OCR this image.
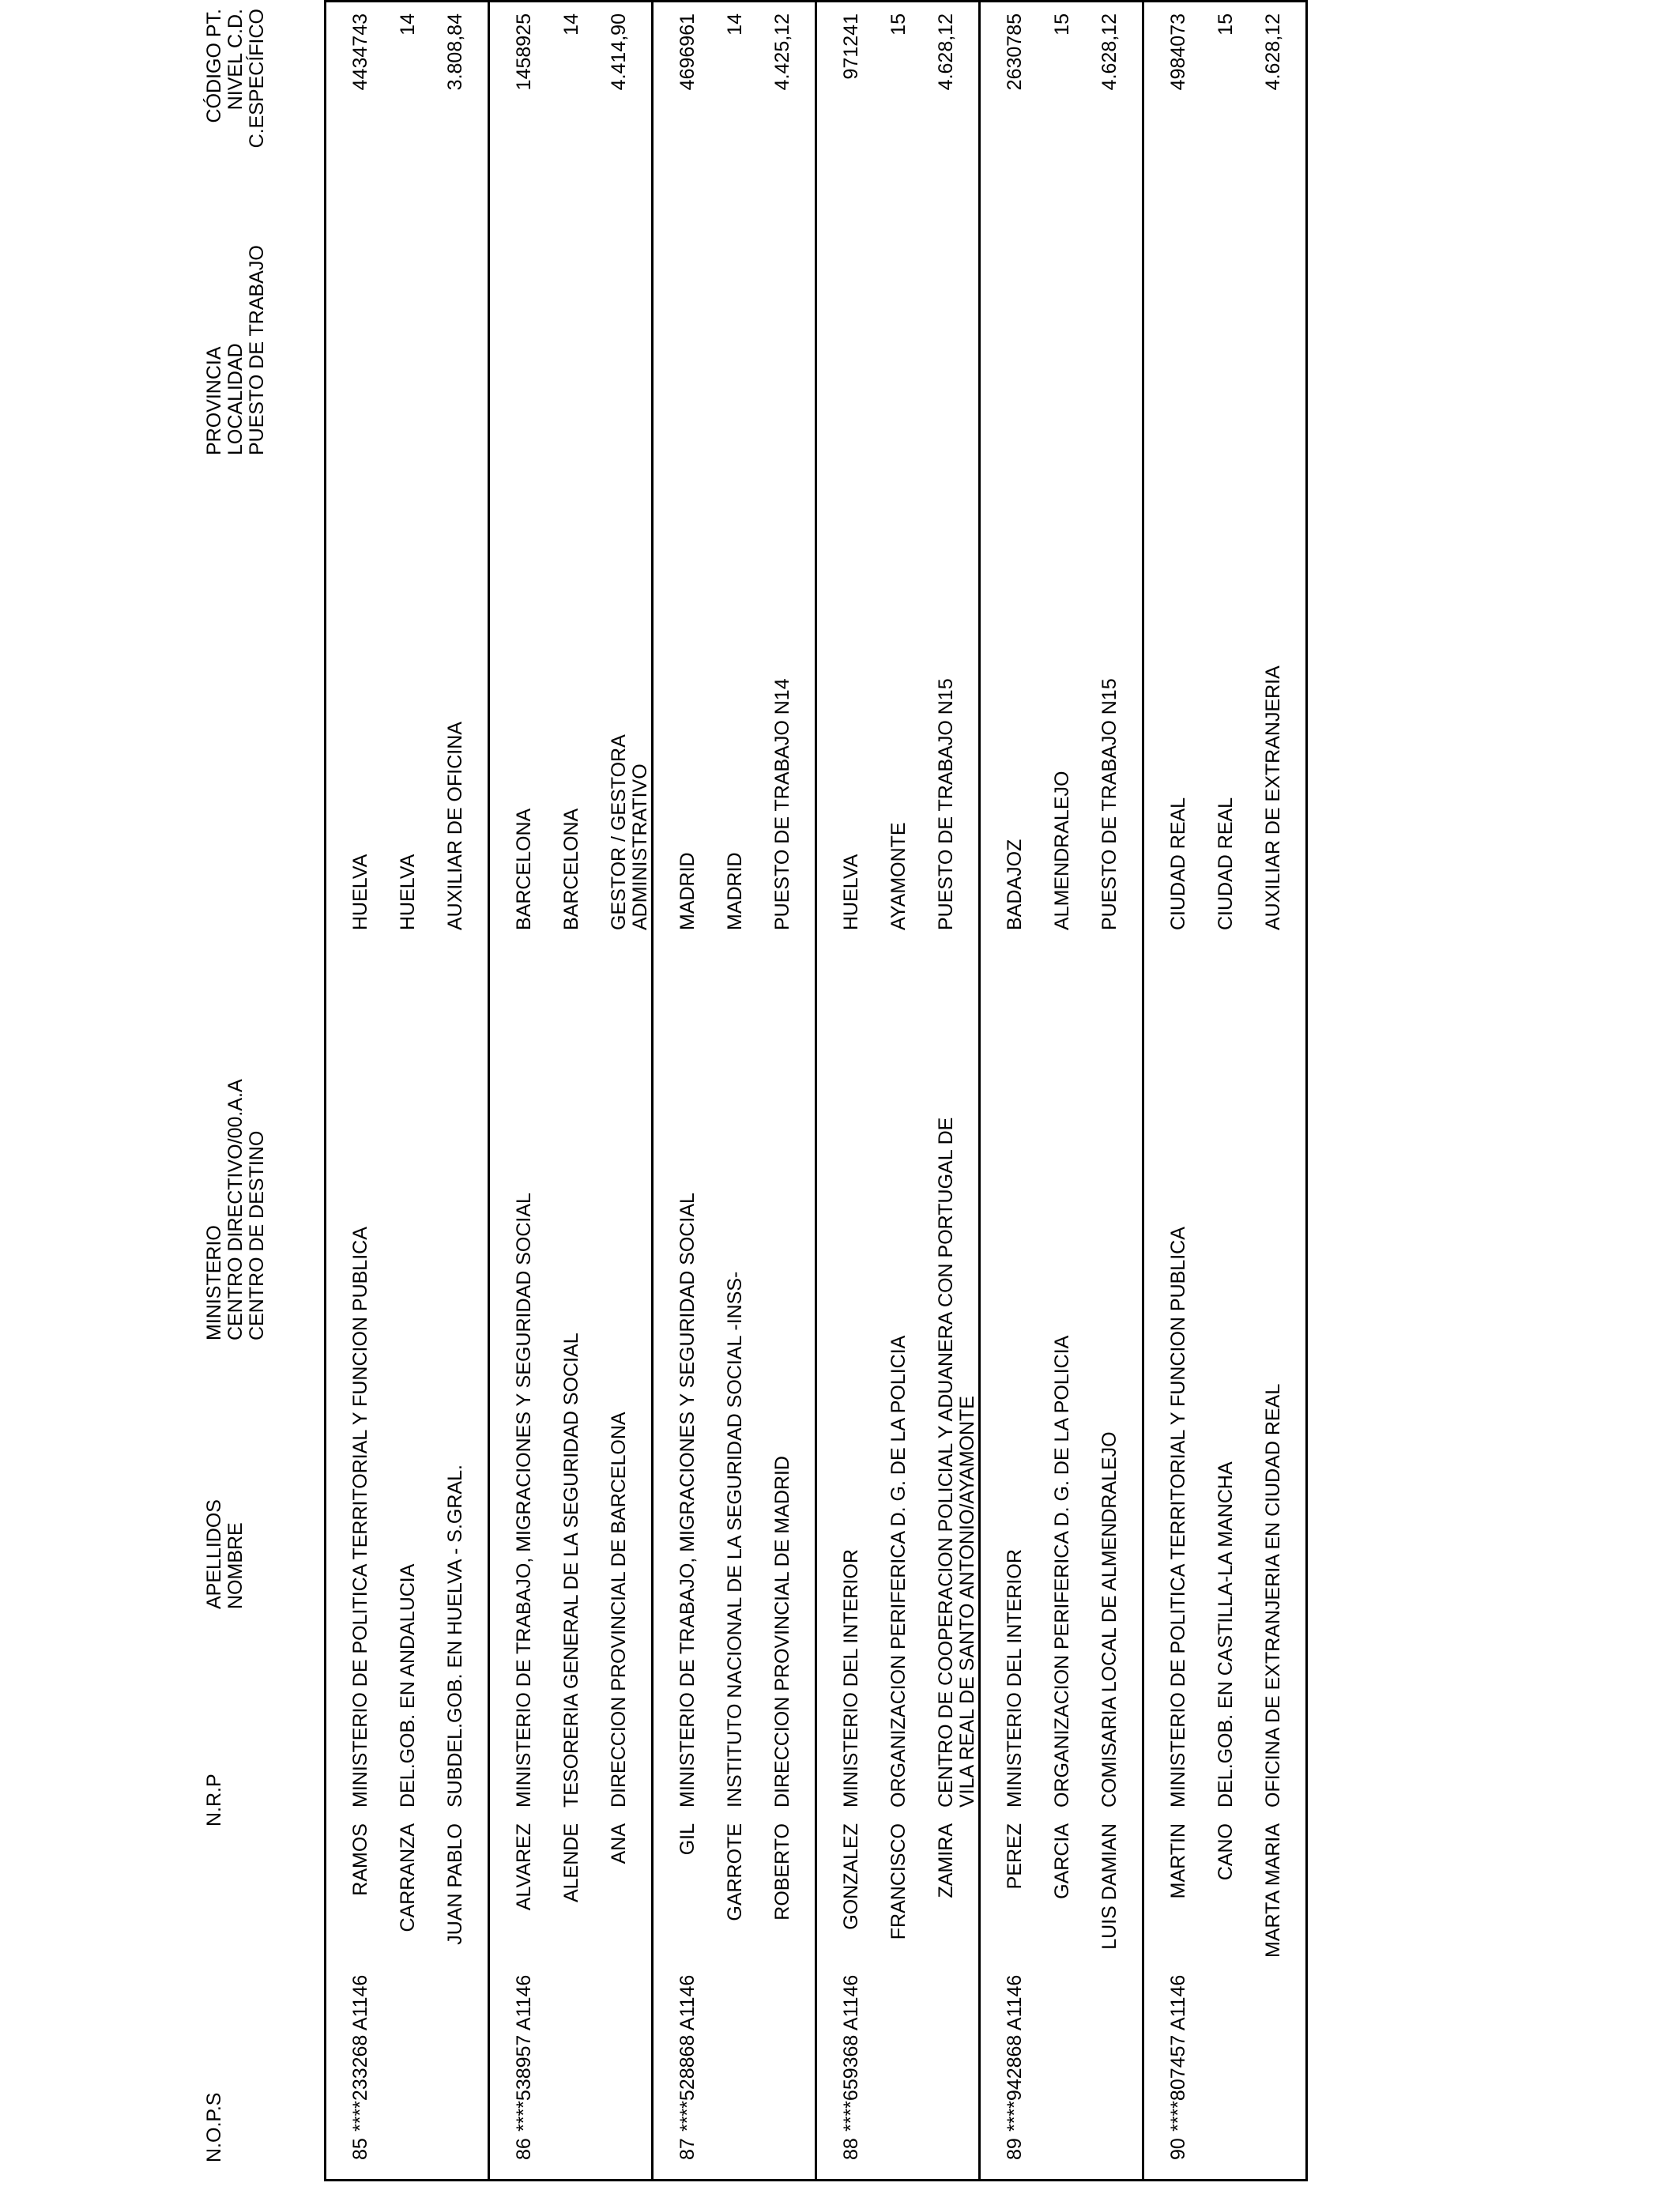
N.O.P.S
N.R.P
APELLIDOS
NOMBRE
MINISTERIO
CENTRO DIRECTIVO/00.A.A
CENTRO DE DESTINO
PROVINCIA
LOCALIDAD
PUESTO DE TRABAJO
CÓDIGO PT.
NIVEL C.D.
C.ESPECÍFICO
85
****233268 A1146
RAMOS CARRANZA JUAN PABLO
MINISTERIO DE POLITICA TERRITORIAL Y FUNCION PUBLICA DEL.GOB. EN ANDALUCIA SUBDEL.GOB. EN HUELVA - S.GRAL.
HUELVA HUELVA AUXILIAR DE OFICINA
4434743 14 3.808,84
86
****538957 A1146
ALVAREZ ALENDE ANA
MINISTERIO DE TRABAJO, MIGRACIONES Y SEGURIDAD SOCIAL TESORERIA GENERAL DE LA SEGURIDAD SOCIAL DIRECCION PROVINCIAL DE BARCELONA
BARCELONA BARCELONA GESTOR / GESTORA
ADMINISTRATIVO
1458925 14 4.414,90
87
****528868 A1146
GIL GARROTE ROBERTO
MINISTERIO DE TRABAJO, MIGRACIONES Y SEGURIDAD SOCIAL INSTITUTO NACIONAL DE LA SEGURIDAD SOCIAL -INSS- DIRECCION PROVINCIAL DE MADRID
MADRID MADRID PUESTO DE TRABAJO N14
4696961 14 4.425,12
88
****659368 A1146
GONZALEZ FRANCISCO ZAMIRA
MINISTERIO DEL INTERIOR ORGANIZACION PERIFERICA D. G. DE LA POLICIA CENTRO DE COOPERACION POLICIAL Y ADUANERA CON PORTUGAL DE
VILA REAL DE SANTO ANTONIO/AYAMONTE
HUELVA AYAMONTE PUESTO DE TRABAJO N15
971241 15 4.628,12
89
****942868 A1146
PEREZ GARCIA LUIS DAMIAN
MINISTERIO DEL INTERIOR ORGANIZACION PERIFERICA D. G. DE LA POLICIA COMISARIA LOCAL DE ALMENDRALEJO
BADAJOZ ALMENDRALEJO PUESTO DE TRABAJO N15
2630785 15 4.628,12
90
****807457 A1146
MARTIN CANO MARTA MARIA
MINISTERIO DE POLITICA TERRITORIAL Y FUNCION PUBLICA DEL.GOB. EN CASTILLA-LA MANCHA OFICINA DE EXTRANJERIA EN CIUDAD REAL
CIUDAD REAL CIUDAD REAL AUXILIAR DE EXTRANJERIA
4984073 15 4.628,12
